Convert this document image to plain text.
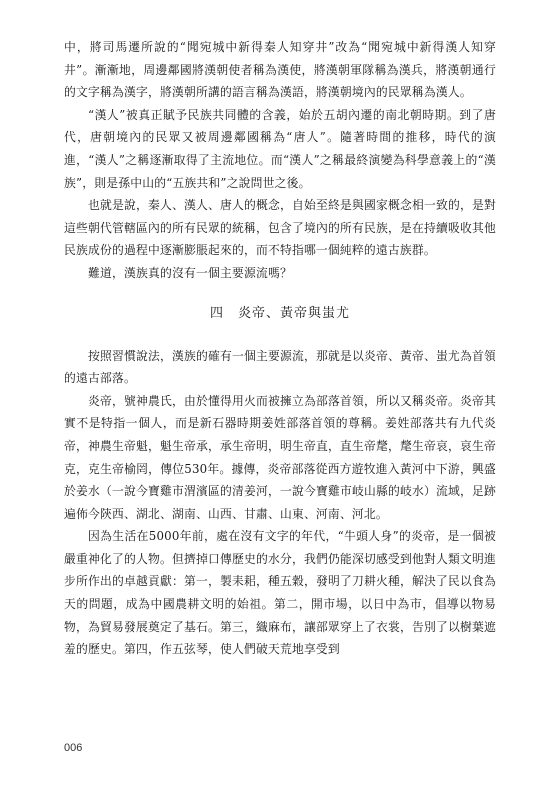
中，將司馬遷所說的“聞宛城中新得秦人知穿井”改為“聞宛城中新得漢人知穿井”。漸漸地，周邊鄰國將漢朝使者稱為漢使，將漢朝軍隊稱為漢兵，將漢朝通行的文字稱為漢字，將漢朝所講的語言稱為漢語，將漢朝境內的民眾稱為漢人。

“漢人”被真正賦予民族共同體的含義，始於五胡內遷的南北朝時期。到了唐代，唐朝境內的民眾又被周邊鄰國稱為“唐人”。隨著時間的推移，時代的演進，“漢人”之稱逐漸取得了主流地位。而“漢人”之稱最終演變為科學意義上的“漢族”，則是孫中山的“五族共和”之說問世之後。

也就是說，秦人、漢人、唐人的概念，自始至終是與國家概念相一致的，是對這些朝代管轄區內的所有民眾的統稱，包含了境內的所有民族，是在持續吸收其他民族成份的過程中逐漸膨脹起來的，而不特指哪一個純粹的遠古族群。

難道，漢族真的沒有一個主要源流嗎？

四 炎帝、黃帝與蚩尤

按照習慣說法，漢族的確有一個主要源流，那就是以炎帝、黃帝、蚩尤為首領的遠古部落。

炎帝，號神農氏，由於懂得用火而被擁立為部落首領，所以又稱炎帝。炎帝其實不是特指一個人，而是新石器時期姜姓部落首領的尊稱。姜姓部落共有九代炎帝，神農生帝魁，魁生帝承，承生帝明，明生帝直，直生帝氂，氂生帝哀，哀生帝克，克生帝榆罔，傳位530年。據傳，炎帝部落從西方遊牧進入黃河中下游，興盛於姜水（一說今寶雞市渭濱區的清姜河，一說今寶雞市岐山縣的岐水）流域，足跡遍佈今陝西、湖北、湖南、山西、甘肅、山東、河南、河北。

因為生活在5000年前，處在沒有文字的年代，“牛頭人身”的炎帝，是一個被嚴重神化了的人物。但擠掉口傳歷史的水分，我們仍能深切感受到他對人類文明進步所作出的卓越貢獻：第一，製耒耜，種五穀，發明了刀耕火種，解決了民以食為天的問題，成為中國農耕文明的始祖。第二，開市場，以日中為市，倡導以物易物，為貿易發展奠定了基石。第三，織麻布，讓部眾穿上了衣裳，告別了以樹葉遮羞的歷史。第四，作五弦琴，使人們破天荒地享受到

006
